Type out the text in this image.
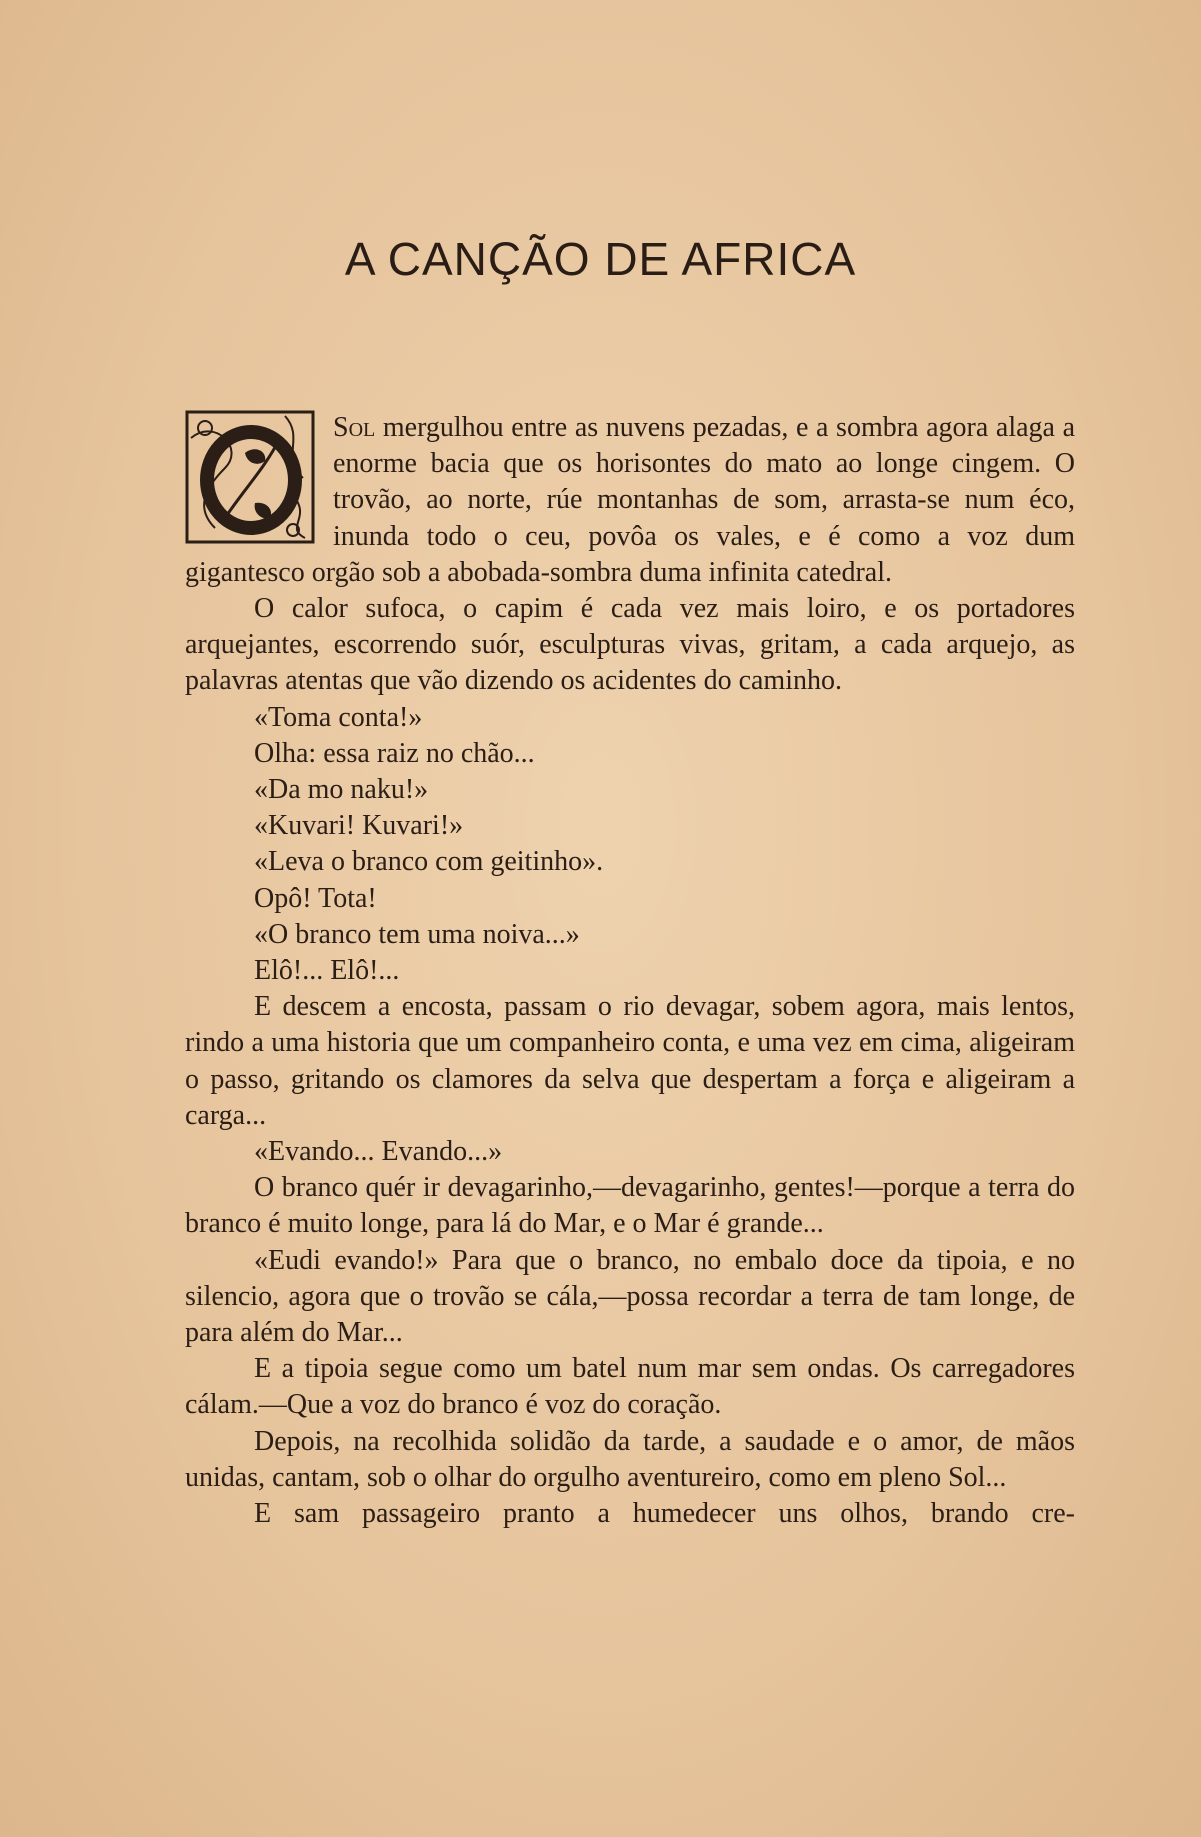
A CANÇÃO DE AFRICA

Sol mergulhou entre as nuvens pezadas, e a sombra agora alaga a enorme bacia que os horisontes do mato ao longe cingem. O trovão, ao norte, rúe montanhas de som, arrasta-se num éco, inunda todo o ceu, povôa os vales, e é como a voz dum gigantesco orgão sob a abobada-sombra duma infinita catedral.

O calor sufoca, o capim é cada vez mais loiro, e os portadores arquejantes, escorrendo suór, esculpturas vivas, gritam, a cada arquejo, as palavras atentas que vão dizendo os acidentes do caminho.

«Toma conta!»

Olha: essa raiz no chão...

«Da mo naku!»

«Kuvari! Kuvari!»

«Leva o branco com geitinho».

Opô! Tota!

«O branco tem uma noiva...»

Elô!... Elô!...

E descem a encosta, passam o rio devagar, sobem agora, mais lentos, rindo a uma historia que um companheiro conta, e uma vez em cima, aligeiram o passo, gritando os clamores da selva que despertam a força e aligeiram a carga...

«Evando... Evando...»

O branco quér ir devagarinho,—devagarinho, gentes!—porque a terra do branco é muito longe, para lá do Mar, e o Mar é grande...

«Eudi evando!» Para que o branco, no embalo doce da tipoia, e no silencio, agora que o trovão se cála,—possa recordar a terra de tam longe, de para além do Mar...

E a tipoia segue como um batel num mar sem ondas. Os carregadores cálam.—Que a voz do branco é voz do coração.

Depois, na recolhida solidão da tarde, a saudade e o amor, de mãos unidas, cantam, sob o olhar do orgulho aventureiro, como em pleno Sol...

E sam passageiro pranto a humedecer uns olhos, brando cre-
